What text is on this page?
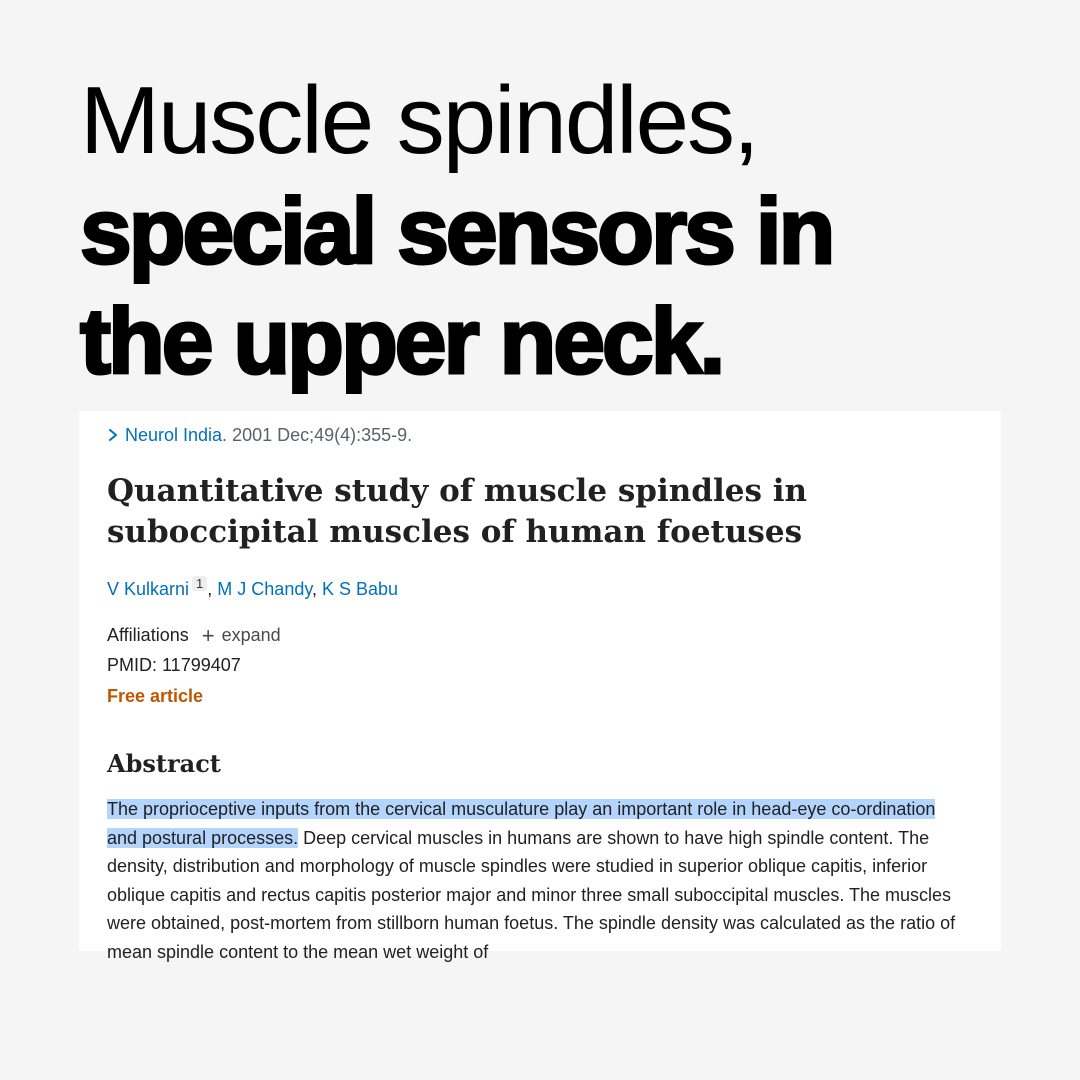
Muscle spindles,
special sensors in
the upper neck.
Neurol India. 2001 Dec;49(4):355-9.
Quantitative study of muscle spindles in suboccipital muscles of human foetuses
V Kulkarni 1 , M J Chandy, K S Babu
Affiliations + expand
PMID: 11799407
Free article
Abstract

The proprioceptive inputs from the cervical musculature play an important role in head-eye co-ordination and postural processes. Deep cervical muscles in humans are shown to have high spindle content. The density, distribution and morphology of muscle spindles were studied in superior oblique capitis, inferior oblique capitis and rectus capitis posterior major and minor three small suboccipital muscles. The muscles were obtained, post-mortem from stillborn human foetus. The spindle density was calculated as the ratio of mean spindle content to the mean wet weight of
